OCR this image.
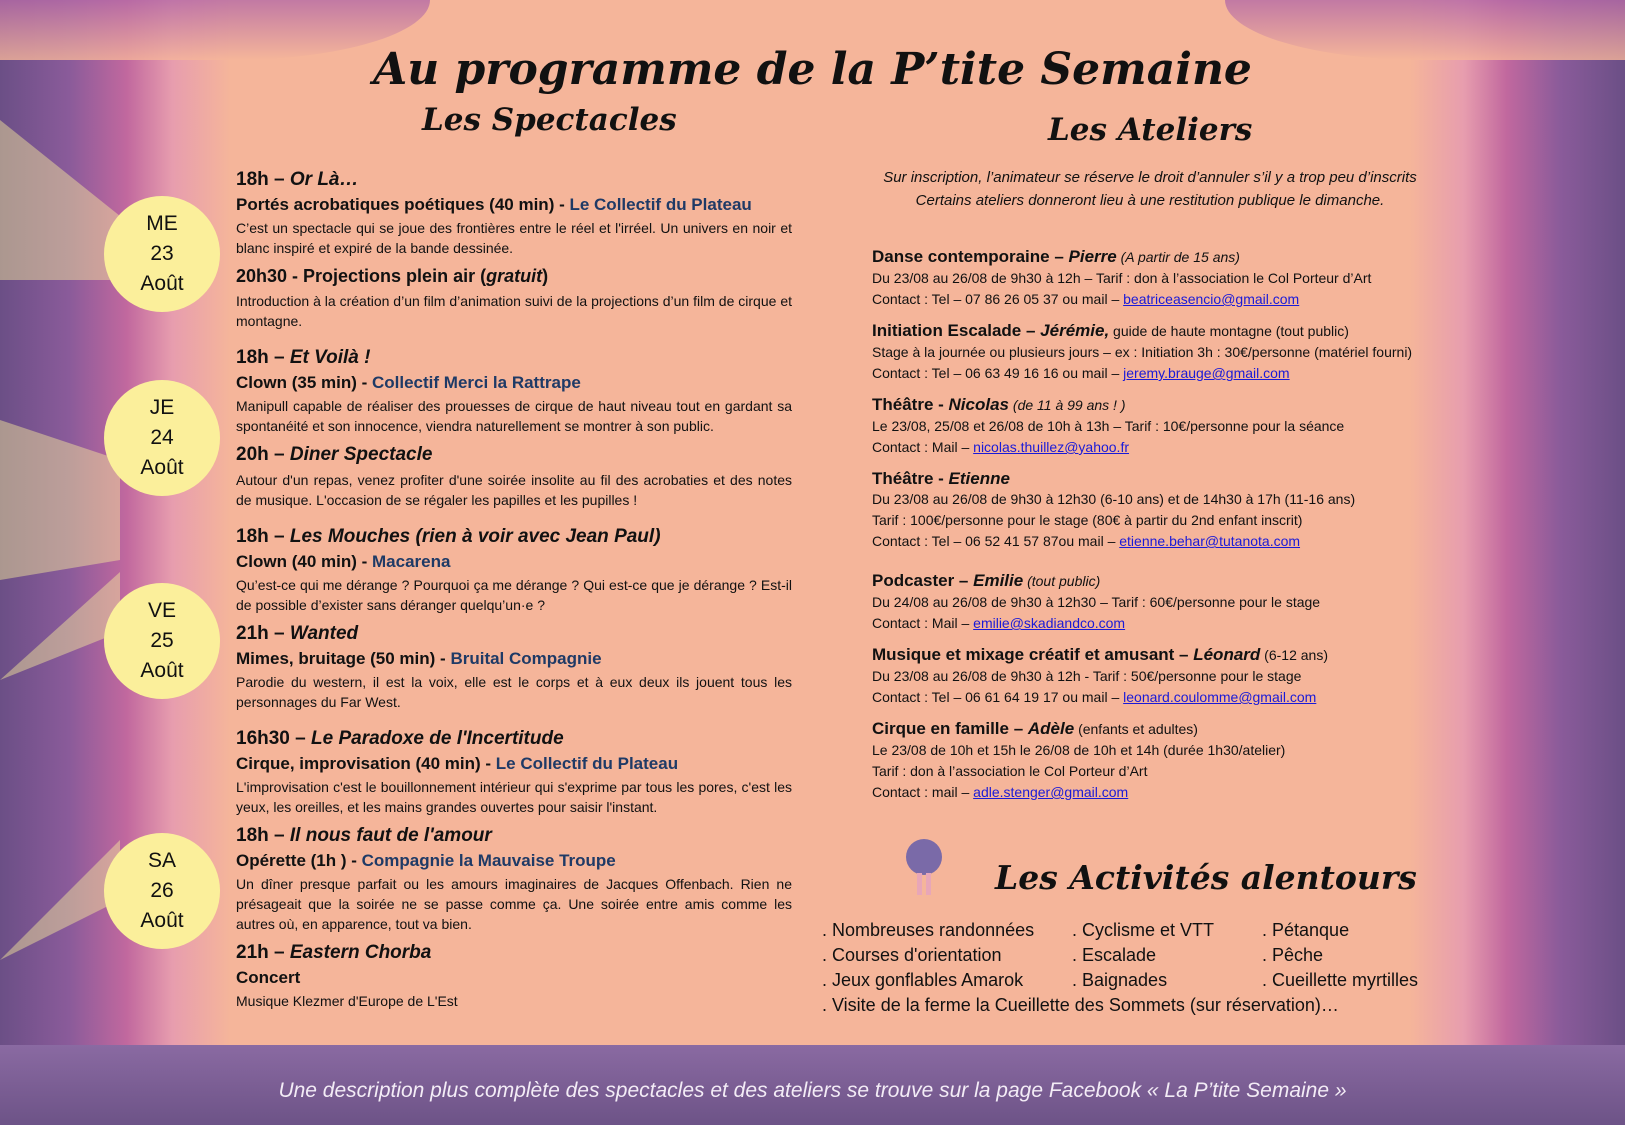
Au programme de la P’tite Semaine
Les Spectacles	Les Ateliers
ME
23
Août
JE
24
Août
VE
25
Août
SA
26
Août
18h – Or Là…
Portés acrobatiques poétiques (40 min) - Le Collectif du Plateau
C’est un spectacle qui se joue des frontières entre le réel et l'irréel. Un univers en noir et blanc inspiré et expiré de la bande dessinée.
20h30 - Projections plein air (gratuit)
Introduction à la création d’un film d’animation suivi de la projections d’un film de cirque et montagne.
18h – Et Voilà !
Clown (35 min) - Collectif Merci la Rattrape
Manipull capable de réaliser des prouesses de cirque de haut niveau tout en gardant sa spontanéité et son innocence, viendra naturellement se montrer à son public.
20h – Diner Spectacle
Autour d'un repas, venez profiter d'une soirée insolite au fil des acrobaties et des notes de musique. L'occasion de se régaler les papilles et les pupilles !
18h – Les Mouches (rien à voir avec Jean Paul)
Clown (40 min) - Macarena
Qu’est-ce qui me dérange ? Pourquoi ça me dérange ? Qui est-ce que je dérange ? Est-il de possible d’exister sans déranger quelqu’un·e ?
21h – Wanted
Mimes, bruitage (50 min) - Bruital Compagnie
Parodie du western, il est la voix, elle est le corps et à eux deux ils jouent tous les personnages du Far West.
16h30 – Le Paradoxe de l'Incertitude
Cirque, improvisation (40 min) - Le Collectif du Plateau
L'improvisation c'est le bouillonnement intérieur qui s'exprime par tous les pores, c'est les yeux, les oreilles, et les mains grandes ouvertes pour saisir l'instant.
18h – Il nous faut de l'amour
Opérette (1h ) - Compagnie la Mauvaise Troupe
Un dîner presque parfait ou les amours imaginaires de Jacques Offenbach. Rien ne présageait que la soirée ne se passe comme ça. Une soirée entre amis comme les autres où, en apparence, tout va bien.
21h – Eastern Chorba
Concert
Musique Klezmer d'Europe de L'Est
Sur inscription, l’animateur se réserve le droit d’annuler s’il y a trop peu d’inscrits
Certains ateliers donneront lieu à une restitution publique le dimanche.
Danse contemporaine – Pierre (A partir de 15 ans)
Du 23/08 au 26/08 de 9h30 à 12h – Tarif : don à l’association le Col Porteur d’Art
Contact : Tel – 07 86 26 05 37 ou mail – beatriceasencio@gmail.com
Initiation Escalade – Jérémie, guide de haute montagne (tout public)
Stage à la journée ou plusieurs jours – ex : Initiation 3h : 30€/personne (matériel fourni)
Contact : Tel – 06 63 49 16 16 ou mail – jeremy.brauge@gmail.com
Théâtre - Nicolas (de 11 à 99 ans ! )
Le 23/08, 25/08 et 26/08 de 10h à 13h – Tarif : 10€/personne pour la séance
Contact : Mail – nicolas.thuillez@yahoo.fr
Théâtre - Etienne
Du 23/08 au 26/08 de 9h30 à 12h30 (6-10 ans) et de 14h30 à 17h (11-16 ans)
Tarif : 100€/personne pour le stage (80€ à partir du 2nd enfant inscrit)
Contact : Tel – 06 52 41 57 87ou mail – etienne.behar@tutanota.com
Podcaster – Emilie (tout public)
Du 24/08 au 26/08 de 9h30 à 12h30 – Tarif : 60€/personne pour le stage
Contact : Mail – emilie@skadiandco.com
Musique et mixage créatif et amusant – Léonard (6-12 ans)
Du 23/08 au 26/08 de 9h30 à 12h - Tarif : 50€/personne pour le stage
Contact : Tel – 06 61 64 19 17 ou mail – leonard.coulomme@gmail.com
Cirque en famille – Adèle (enfants et adultes)
Le 23/08 de 10h et 15h le 26/08 de 10h et 14h (durée 1h30/atelier)
Tarif : don à l’association le Col Porteur d’Art
Contact : mail – adle.stenger@gmail.com
Les Activités alentours
. Nombreuses randonnées	. Cyclisme et VTT	. Pétanque
. Courses d'orientation	. Escalade	. Pêche
. Jeux gonflables Amarok	. Baignades	. Cueillette myrtilles
. Visite de la ferme la Cueillette des Sommets (sur réservation)…
Une description plus complète des spectacles et des ateliers se trouve sur la page Facebook « La P’tite Semaine »
